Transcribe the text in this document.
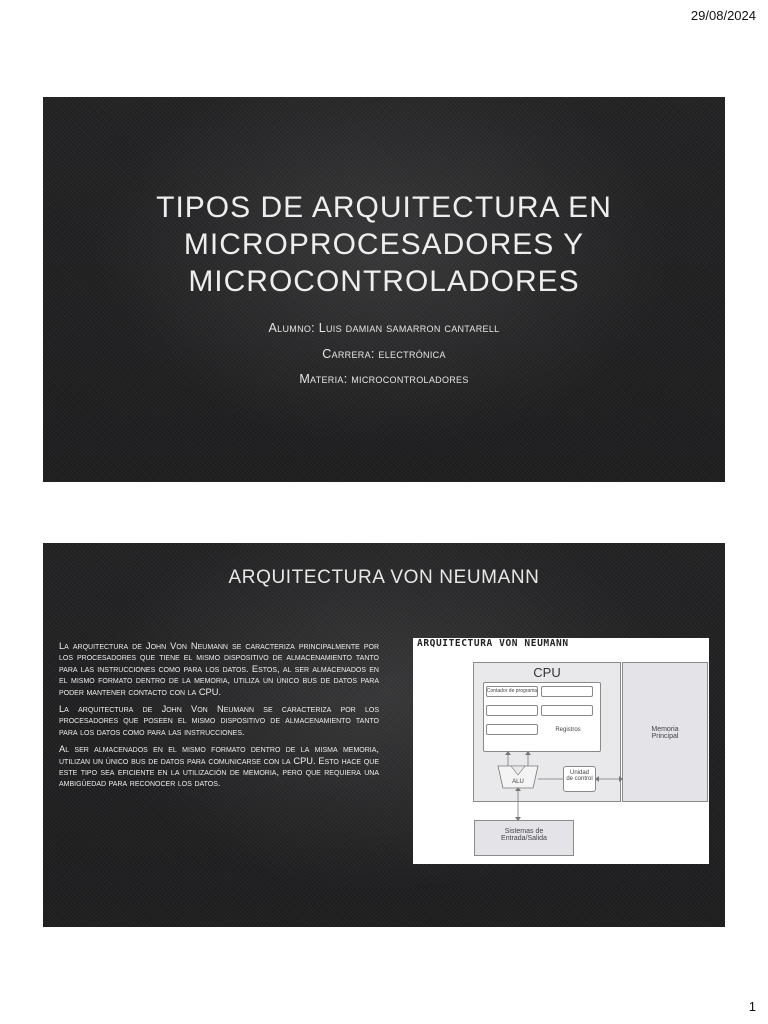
29/08/2024
TIPOS DE ARQUITECTURA EN
MICROPROCESADORES Y
MICROCONTROLADORES
Alumno: Luis damian samarron cantarell
Carrera: electrónica
Materia: microcontroladores
ARQUITECTURA VON NEUMANN

La arquitectura de John Von Neumann se caracteriza principalmente por los procesadores que tiene el mismo dispositivo de almacenamiento tanto para las instrucciones como para los datos. Estos, al ser almacenados en el mismo formato dentro de la memoria, utiliza un único bus de datos para poder mantener contacto con la CPU.

La arquitectura de John Von Neumann se caracteriza por los procesadores que poseen el mismo dispositivo de almacenamiento tanto para los datos como para las instrucciones.

Al ser almacenados en el mismo formato dentro de la misma memoria, utilizan un único bus de datos para comunicarse con la CPU. Esto hace que este tipo sea eficiente en la utilización de memoria, pero que requiera una ambigüedad para reconocer los datos.

ARQUITECTURA VON NEUMANN
CPU
Contador de programa
Registros
Unidad
de control
Memoria
Principal
Sistemas de
Entrada/Salida
ALU
1
